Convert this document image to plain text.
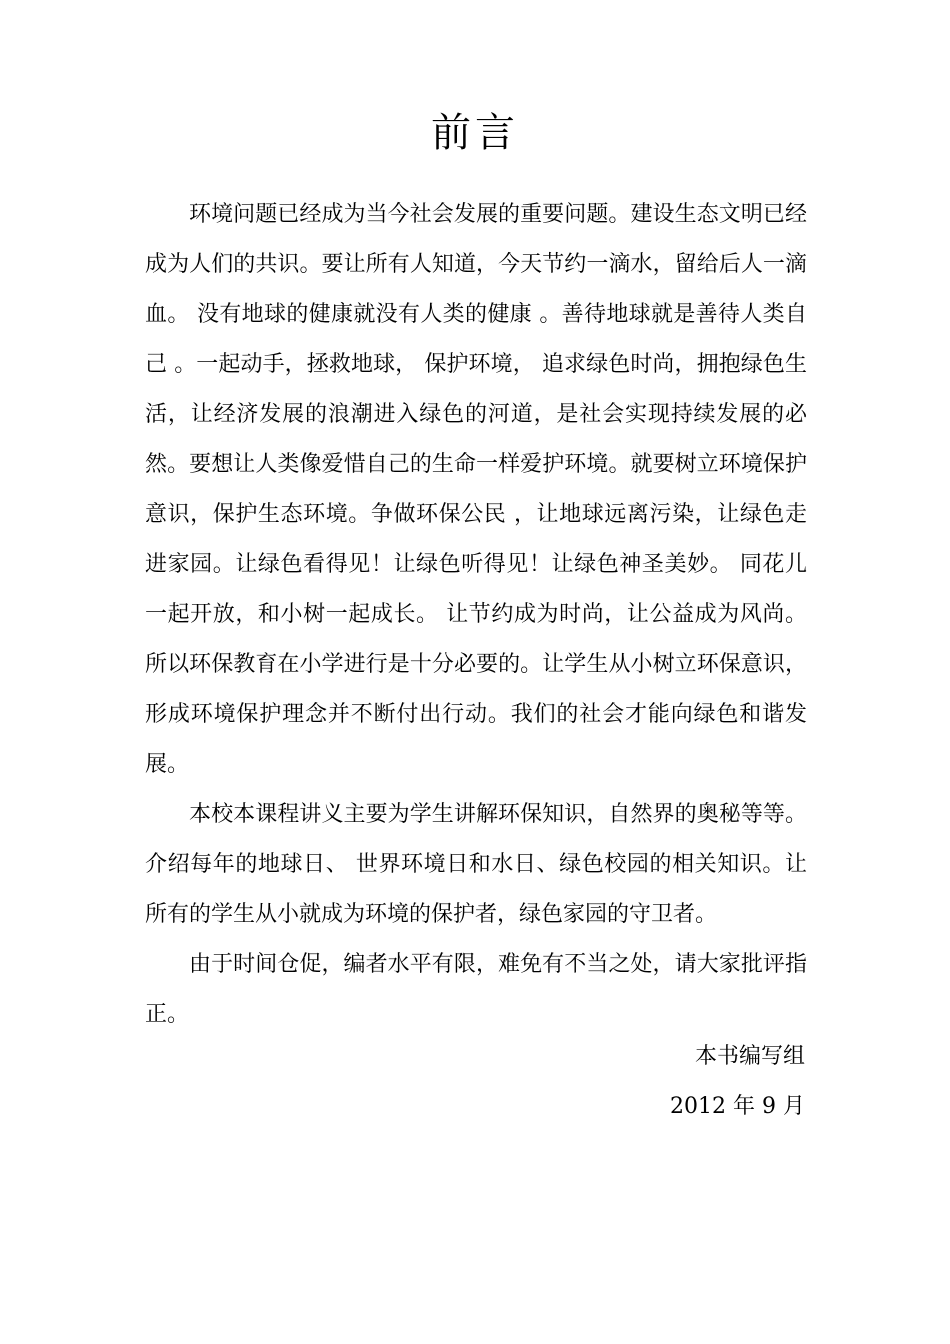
前言

环境问题已经成为当今社会发展的重要问题。建设生态文明已经成为人们的共识。要让所有人知道，今天节约一滴水，留给后人一滴血。 没有地球的健康就没有人类的健康 。善待地球就是善待人类自己 。一起动手，拯救地球， 保护环境， 追求绿色时尚，拥抱绿色生活，让经济发展的浪潮进入绿色的河道，是社会实现持续发展的必然。要想让人类像爱惜自己的生命一样爱护环境。就要树立环境保护意识，保护生态环境。争做环保公民 ，让地球远离污染，让绿色走进家园。让绿色看得见！让绿色听得见！让绿色神圣美妙。 同花儿一起开放，和小树一起成长。 让节约成为时尚，让公益成为风尚。所以环保教育在小学进行是十分必要的。让学生从小树立环保意识，形成环境保护理念并不断付出行动。我们的社会才能向绿色和谐发展。

本校本课程讲义主要为学生讲解环保知识，自然界的奥秘等等。介绍每年的地球日、 世界环境日和水日、绿色校园的相关知识。让所有的学生从小就成为环境的保护者，绿色家园的守卫者。

由于时间仓促，编者水平有限，难免有不当之处，请大家批评指正。

本书编写组

2012 年 9 月
